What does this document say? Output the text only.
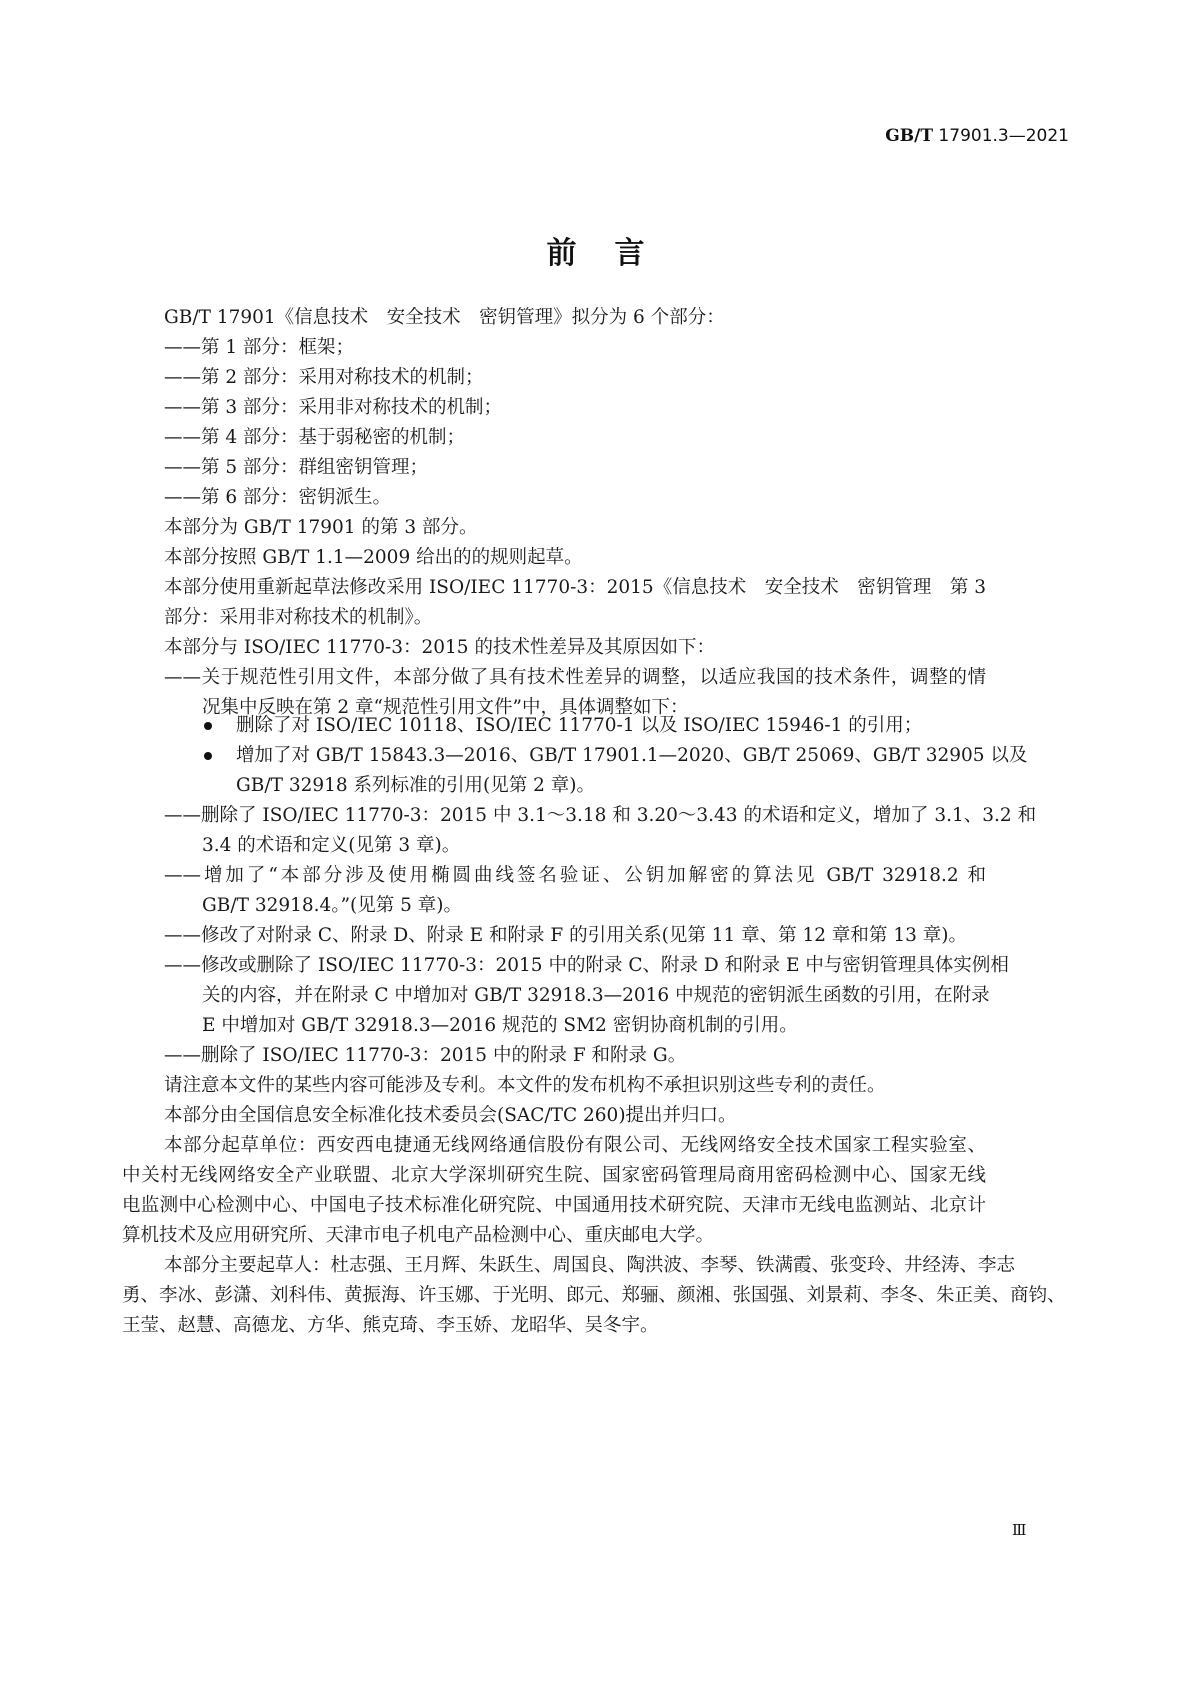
GB/T 17901.3—2021
前言
GB/T 17901《信息技术　安全技术　密钥管理》拟分为 6 个部分：
——第 1 部分：框架；
——第 2 部分：采用对称技术的机制；
——第 3 部分：采用非对称技术的机制；
——第 4 部分：基于弱秘密的机制；
——第 5 部分：群组密钥管理；
——第 6 部分：密钥派生。
本部分为 GB/T 17901 的第 3 部分。
本部分按照 GB/T 1.1—2009 给出的的规则起草。
本部分使用重新起草法修改采用 ISO/IEC 11770-3：2015《信息技术　安全技术　密钥管理　第 3
部分：采用非对称技术的机制》。
本部分与 ISO/IEC 11770-3：2015 的技术性差异及其原因如下：
——关于规范性引用文件，本部分做了具有技术性差异的调整，以适应我国的技术条件，调整的情
况集中反映在第 2 章“规范性引用文件”中，具体调整如下：
删除了对 ISO/IEC 10118、ISO/IEC 11770-1 以及 ISO/IEC 15946-1 的引用；
增加了对 GB/T 15843.3—2016、GB/T 17901.1—2020、GB/T 25069、GB/T 32905 以及
GB/T 32918 系列标准的引用(见第 2 章)。
——删除了 ISO/IEC 11770-3：2015 中 3.1～3.18 和 3.20～3.43 的术语和定义，增加了 3.1、3.2 和
3.4 的术语和定义(见第 3 章)。
——增加了“本部分涉及使用椭圆曲线签名验证、公钥加解密的算法见 GB/T 32918.2 和
GB/T 32918.4。”(见第 5 章)。
——修改了对附录 C、附录 D、附录 E 和附录 F 的引用关系(见第 11 章、第 12 章和第 13 章)。
——修改或删除了 ISO/IEC 11770-3：2015 中的附录 C、附录 D 和附录 E 中与密钥管理具体实例相
关的内容，并在附录 C 中增加对 GB/T 32918.3—2016 中规范的密钥派生函数的引用，在附录
E 中增加对 GB/T 32918.3—2016 规范的 SM2 密钥协商机制的引用。
——删除了 ISO/IEC 11770-3：2015 中的附录 F 和附录 G。
请注意本文件的某些内容可能涉及专利。本文件的发布机构不承担识别这些专利的责任。
本部分由全国信息安全标准化技术委员会(SAC/TC 260)提出并归口。
本部分起草单位：西安西电捷通无线网络通信股份有限公司、无线网络安全技术国家工程实验室、
中关村无线网络安全产业联盟、北京大学深圳研究生院、国家密码管理局商用密码检测中心、国家无线
电监测中心检测中心、中国电子技术标准化研究院、中国通用技术研究院、天津市无线电监测站、北京计
算机技术及应用研究所、天津市电子机电产品检测中心、重庆邮电大学。
本部分主要起草人：杜志强、王月辉、朱跃生、周国良、陶洪波、李琴、铁满霞、张变玲、井经涛、李志
勇、李冰、彭潇、刘科伟、黄振海、许玉娜、于光明、郎元、郑骊、颜湘、张国强、刘景莉、李冬、朱正美、商钧、
王莹、赵慧、高德龙、方华、熊克琦、李玉娇、龙昭华、吴冬宇。
Ⅲ
